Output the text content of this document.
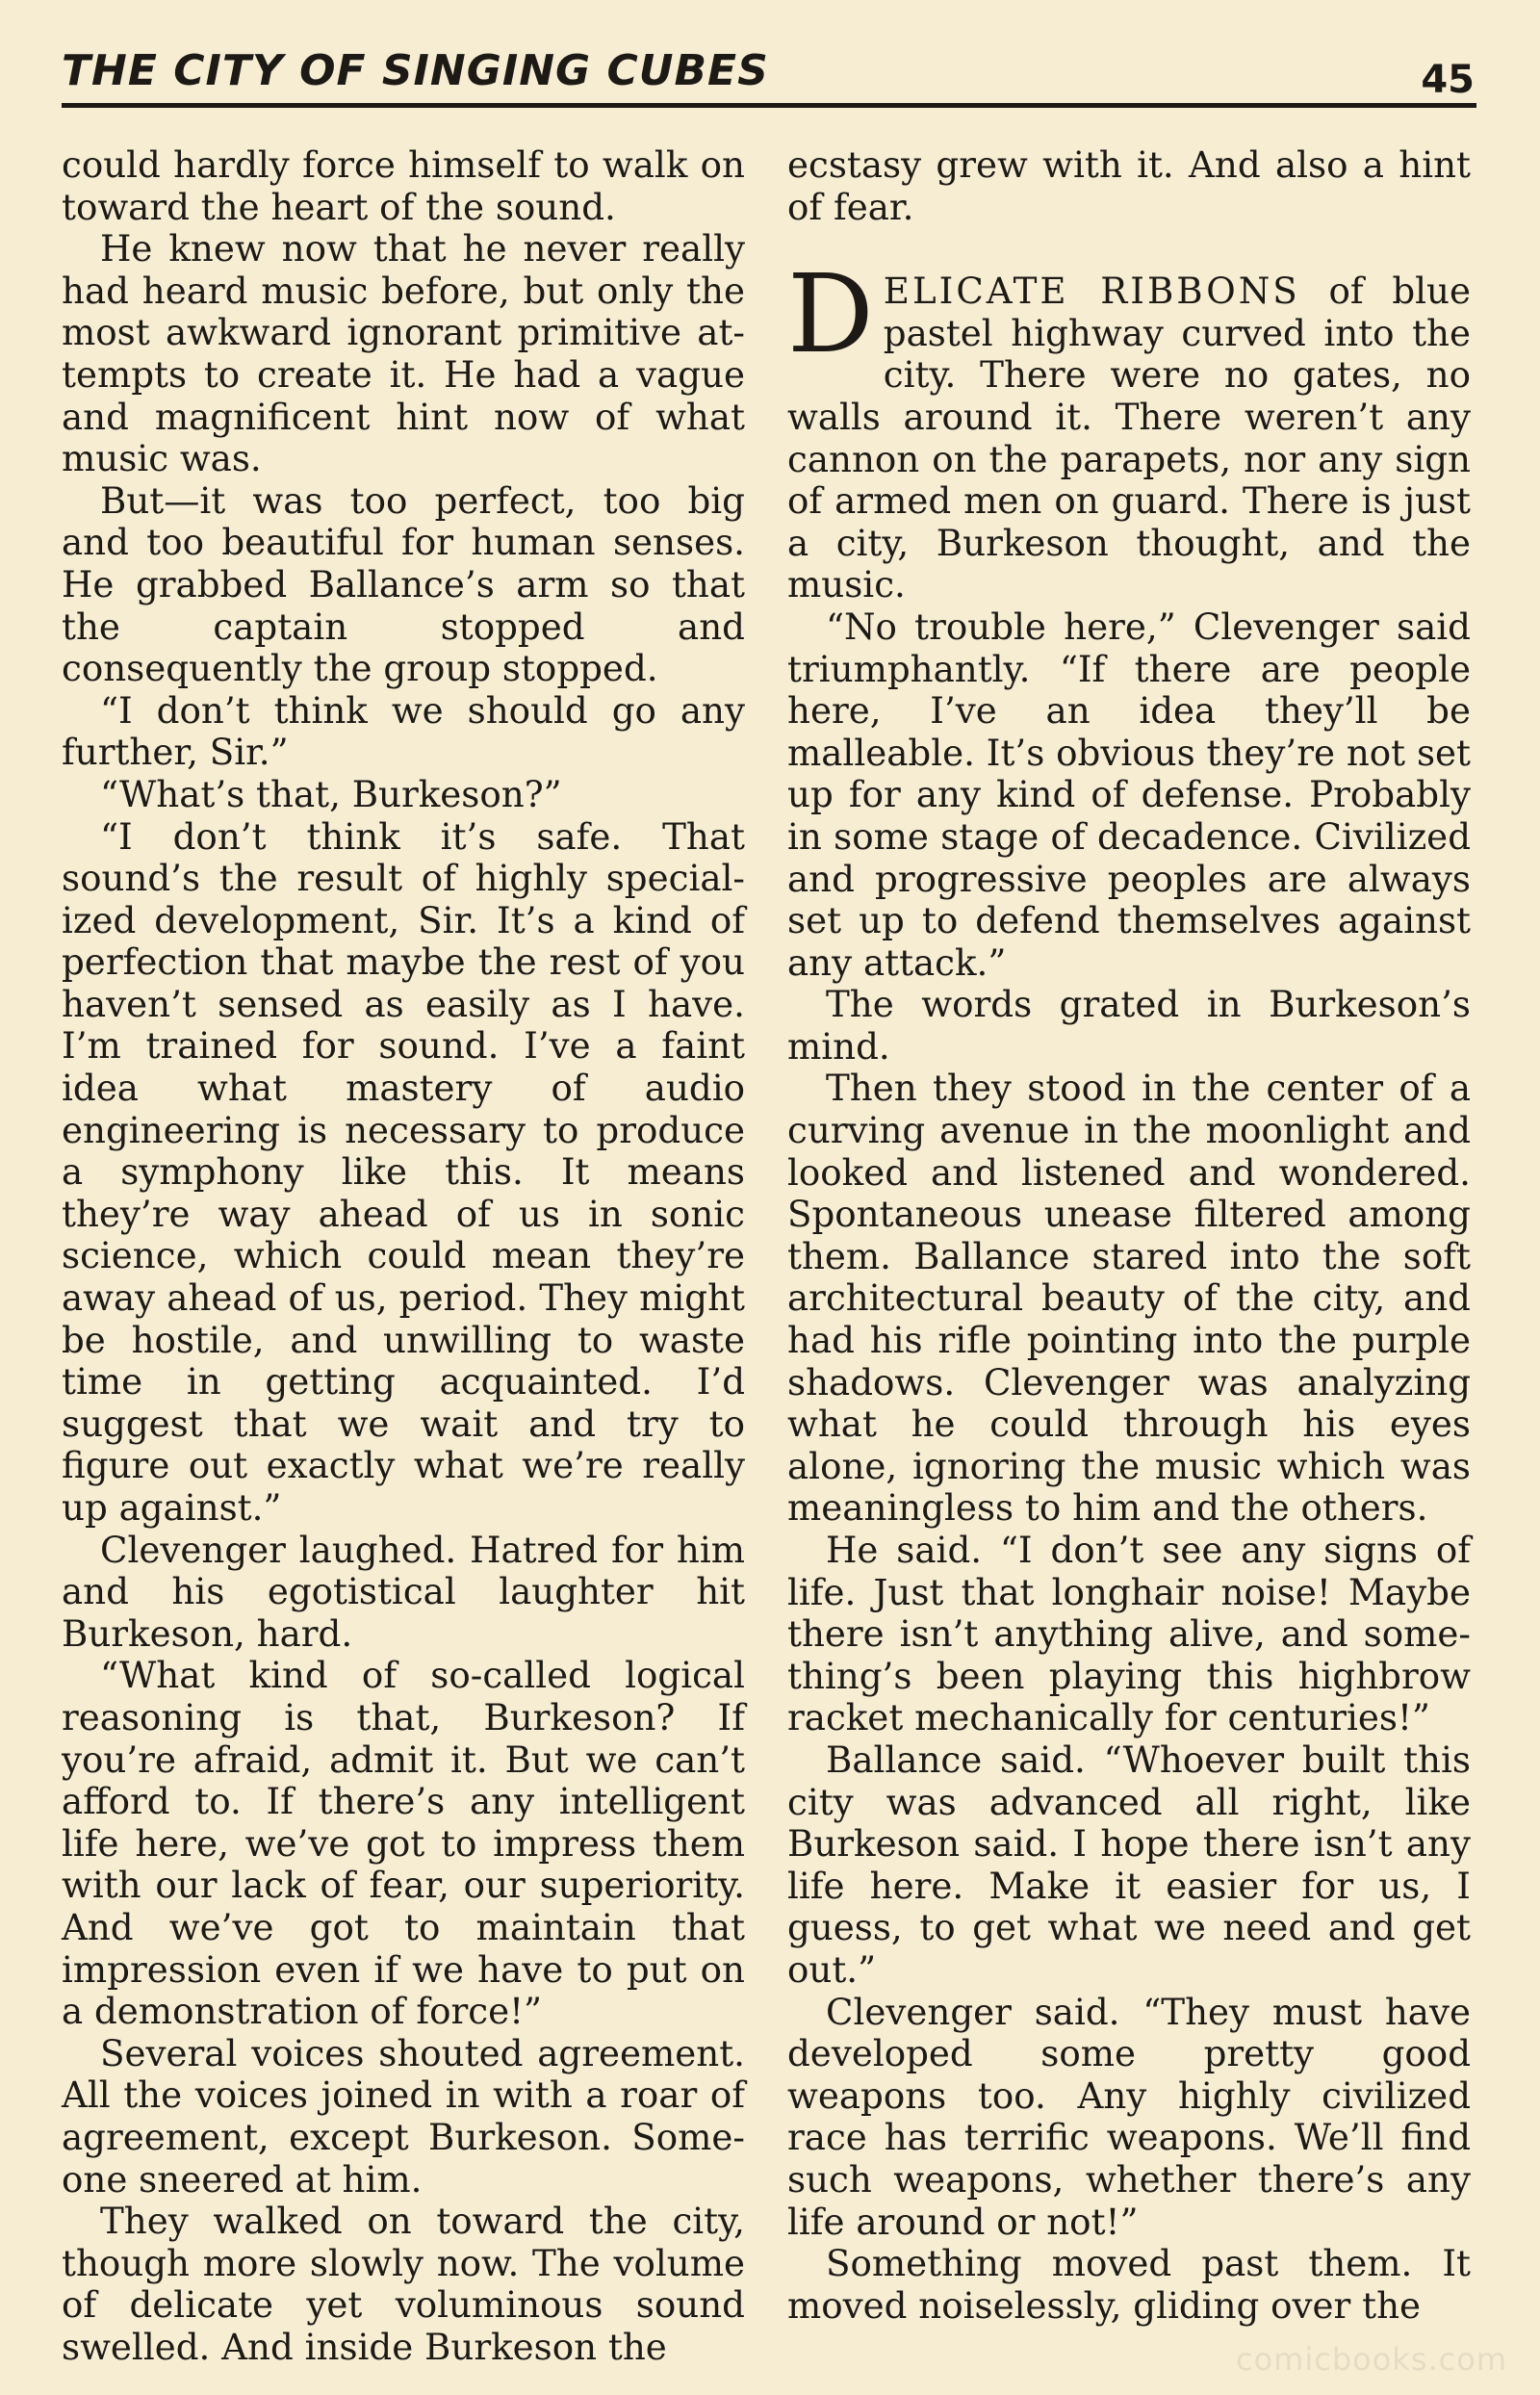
THE CITY OF SINGING CUBES	45

could hardly force himself to walk on toward the heart of the sound.

He knew now that he never really had heard music before, but only the most awkward ignorant primitive attempts to create it. He had a vague and magnificent hint now of what music was.

But—it was too perfect, too big and too beautiful for human senses. He grabbed Ballance’s arm so that the captain stopped and consequently the group stopped.

“I don’t think we should go any further, Sir.”

“What’s that, Burkeson?”

“I don’t think it’s safe. That sound’s the result of highly specialized development, Sir. It’s a kind of perfection that maybe the rest of you haven’t sensed as easily as I have. I’m trained for sound. I’ve a faint idea what mastery of audio engineering is necessary to produce a symphony like this. It means they’re way ahead of us in sonic science, which could mean they’re away ahead of us, period. They might be hostile, and unwilling to waste time in getting acquainted. I’d suggest that we wait and try to figure out exactly what we’re really up against.”

Clevenger laughed. Hatred for him and his egotistical laughter hit Burkeson, hard.

“What kind of so-called logical reasoning is that, Burkeson? If you’re afraid, admit it. But we can’t afford to. If there’s any intelligent life here, we’ve got to impress them with our lack of fear, our superiority. And we’ve got to maintain that impression even if we have to put on a demonstration of force!”

Several voices shouted agreement. All the voices joined in with a roar of agreement, except Burkeson. Someone sneered at him.

They walked on toward the city, though more slowly now. The volume of delicate yet voluminous sound swelled. And inside Burkeson the

ecstasy grew with it. And also a hint of fear.

DELICATE RIBBONS of blue pastel highway curved into the city. There were no gates, no walls around it. There weren’t any cannon on the parapets, nor any sign of armed men on guard. There is just a city, Burkeson thought, and the music.

“No trouble here,” Clevenger said triumphantly. “If there are people here, I’ve an idea they’ll be malleable. It’s obvious they’re not set up for any kind of defense. Probably in some stage of decadence. Civilized and progressive peoples are always set up to defend themselves against any attack.”

The words grated in Burkeson’s mind.

Then they stood in the center of a curving avenue in the moonlight and looked and listened and wondered. Spontaneous unease filtered among them. Ballance stared into the soft architectural beauty of the city, and had his rifle pointing into the purple shadows. Clevenger was analyzing what he could through his eyes alone, ignoring the music which was meaningless to him and the others.

He said. “I don’t see any signs of life. Just that longhair noise! Maybe there isn’t anything alive, and something’s been playing this highbrow racket mechanically for centuries!”

Ballance said. “Whoever built this city was advanced all right, like Burkeson said. I hope there isn’t any life here. Make it easier for us, I guess, to get what we need and get out.”

Clevenger said. “They must have developed some pretty good weapons too. Any highly civilized race has terrific weapons. We’ll find such weapons, whether there’s any life around or not!”

Something moved past them. It moved noiselessly, gliding over the

comicbooks.com
